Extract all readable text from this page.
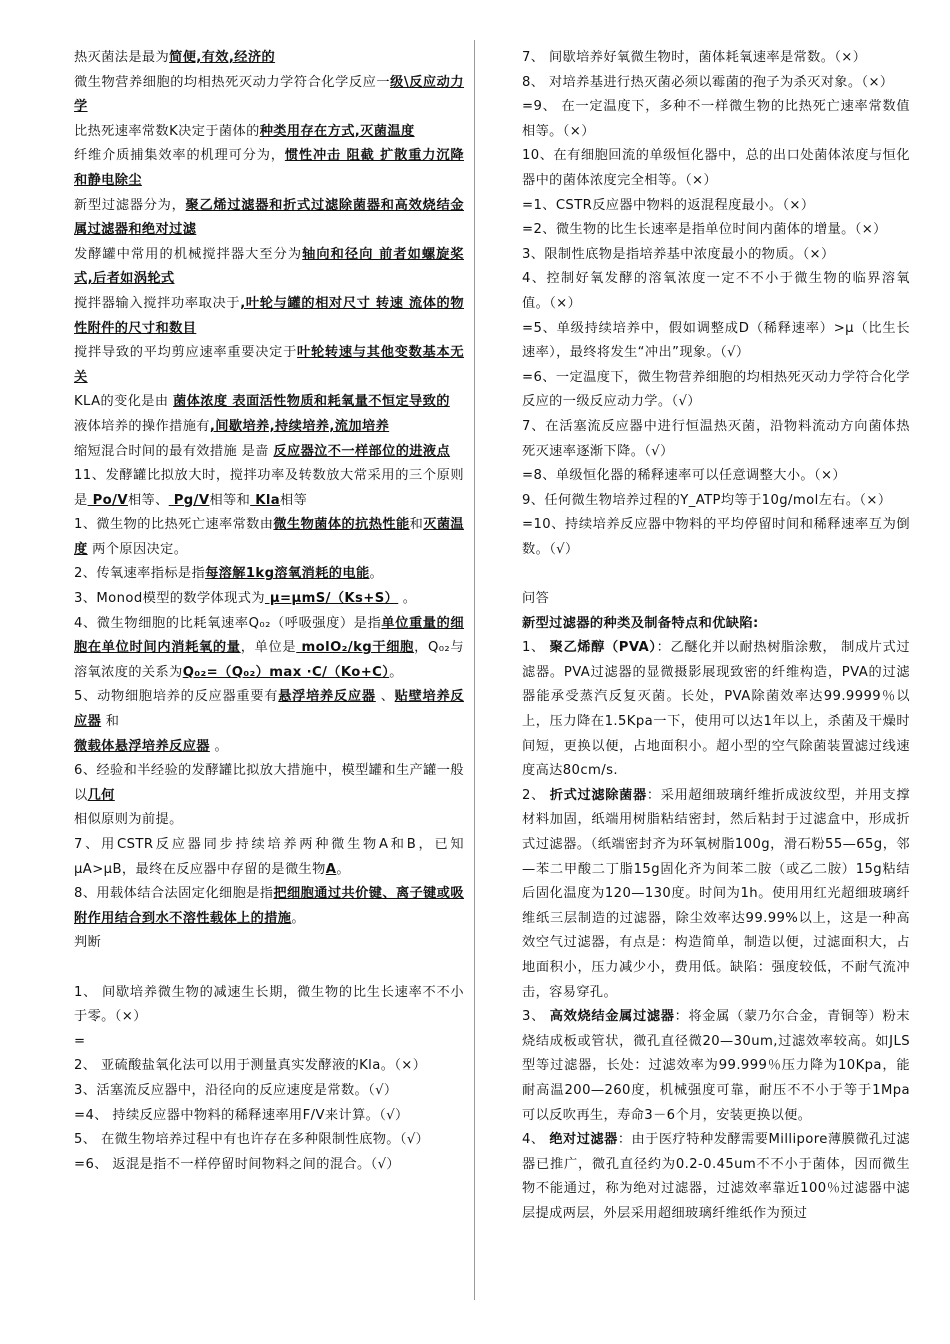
热灭菌法是最为简便,有效,经济的

微生物营养细胞的均相热死灭动力学符合化学反应一级\反应动力学

比热死速率常数K决定于菌体的种类用存在方式,灭菌温度

纤维介质捕集效率的机理可分为，惯性冲击 阻截 扩散重力沉降和静电除尘

新型过滤器分为，聚乙烯过滤器和折式过滤除菌器和高效烧结金属过滤器和绝对过滤

发酵罐中常用的机械搅拌器大至分为轴向和径向 前者如螺旋桨式,后者如涡轮式

搅拌器输入搅拌功率取决于,叶轮与罐的相对尺寸 转速 流体的物性附件的尺寸和数目

搅拌导致的平均剪应速率重要决定于叶轮转速与其他变数基本无关

KLA的变化是由 菌体浓度 表面活性物质和耗氧量不恒定导致的

液体培养的操作措施有,间歇培养,持续培养,流加培养

缩短混合时间的最有效措施 是啬 反应器泣不一样部位的进液点

11、发酵罐比拟放大时，搅拌功率及转数放大常采用的三个原则是 Po/V相等、 Pg/V相等和 Kla相等

1、微生物的比热死亡速率常数由微生物菌体的抗热性能和灭菌温度 两个原因决定。

2、传氧速率指标是指每溶解1kg溶氧消耗的电能。

3、Monod模型的数学体现式为 μ=μmS/（Ks+S） 。

4、微生物细胞的比耗氧速率Q₀₂（呼吸强度）是指单位重量的细胞在单位时间内消耗氧的量，单位是 molO₂/kg干细胞，Q₀₂与溶氧浓度的关系为Q₀₂=（Q₀₂）max ·C/（Ko+C）。

5、动物细胞培养的反应器重要有悬浮培养反应器 、贴壁培养反应器 和

微载体悬浮培养反应器 。

6、经验和半经验的发酵罐比拟放大措施中，模型罐和生产罐一般以几何

相似原则为前提。

7、用CSTR反应器同步持续培养两种微生物A和B，已知μA>μB，最终在反应器中存留的是微生物A。

8、用载体结合法固定化细胞是指把细胞通过共价键、离子键或吸附作用结合到水不溶性载体上的措施。

判断

1、 间歇培养微生物的减速生长期，微生物的比生长速率不不小于零。（×）

=

2、 亚硫酸盐氧化法可以用于测量真实发酵液的Kla。（×）

3、活塞流反应器中，沿径向的反应速度是常数。（√）

=4、 持续反应器中物料的稀释速率用F/V来计算。（√）

5、 在微生物培养过程中有也许存在多种限制性底物。（√）

=6、 返混是指不一样停留时间物料之间的混合。（√）

7、 间歇培养好氧微生物时，菌体耗氧速率是常数。（×）

8、 对培养基进行热灭菌必须以霉菌的孢子为杀灭对象。（×）

=9、 在一定温度下，多种不一样微生物的比热死亡速率常数值相等。（×）

10、在有细胞回流的单级恒化器中，总的出口处菌体浓度与恒化器中的菌体浓度完全相等。（×）

=1、CSTR反应器中物料的返混程度最小。（×）

=2、微生物的比生长速率是指单位时间内菌体的增量。（×）

3、限制性底物是指培养基中浓度最小的物质。（×）

4、控制好氧发酵的溶氧浓度一定不不小于微生物的临界溶氧值。（×）

=5、单级持续培养中，假如调整成D（稀释速率）>μ（比生长速率），最终将发生“冲出”现象。（√）

=6、一定温度下，微生物营养细胞的均相热死灭动力学符合化学反应的一级反应动力学。（√）

7、在活塞流反应器中进行恒温热灭菌，沿物料流动方向菌体热死灭速率逐渐下降。（√）

=8、单级恒化器的稀释速率可以任意调整大小。（×）

9、任何微生物培养过程的Y_ATP均等于10g/mol左右。（×）

=10、持续培养反应器中物料的平均停留时间和稀释速率互为倒数。（√）

问答

新型过滤器的种类及制备特点和优缺陷:

1、 聚乙烯醇（PVA）：乙醚化并以耐热树脂涂敷， 制成片式过滤器。PVA过滤器的显微摄影展现致密的纤维构造，PVA的过滤器能承受蒸汽反复灭菌。长处，PVA除菌效率达99.9999％以上，压力降在1.5Kpa一下，使用可以达1年以上，杀菌及干燥时间短，更换以便，占地面积小。超小型的空气除菌装置滤过线速度高达80cm/s.

2、 折式过滤除菌器：采用超细玻璃纤维折成波纹型，并用支撑材料加固，纸端用树脂粘结密封，然后粘封于过滤盒中，形成折式过滤器。（纸端密封齐为环氧树脂100g，滑石粉55—65g，邻—苯二甲酸二丁脂15g固化齐为间苯二胺（或乙二胺）15g粘结后固化温度为120—130度。时间为1h。使用用红光超细玻璃纤维纸三层制造的过滤器，除尘效率达99.99%以上，这是一种高效空气过滤器，有点是：构造简单，制造以便，过滤面积大，占地面积小，压力减少小，费用低。缺陷：强度较低，不耐气流冲击，容易穿孔。

3、 高效烧结金属过滤器：将金属（蒙乃尔合金，青铜等）粉末烧结成板或管状，微孔直径微20—30um,过滤效率较高。如JLS型等过滤器，长处：过滤效率为99.999％压力降为10Kpa，能耐高温200—260度，机械强度可靠，耐压不不小于等于1Mpa可以反吹再生，寿命3－6个月，安装更换以便。

4、 绝对过滤器：由于医疗特种发酵需要Millipore薄膜微孔过滤器已推广，微孔直径约为0.2-0.45um不不小于菌体，因而微生物不能通过，称为绝对过滤器，过滤效率靠近100％过滤器中滤层提成两层，外层采用超细玻璃纤维纸作为预过
